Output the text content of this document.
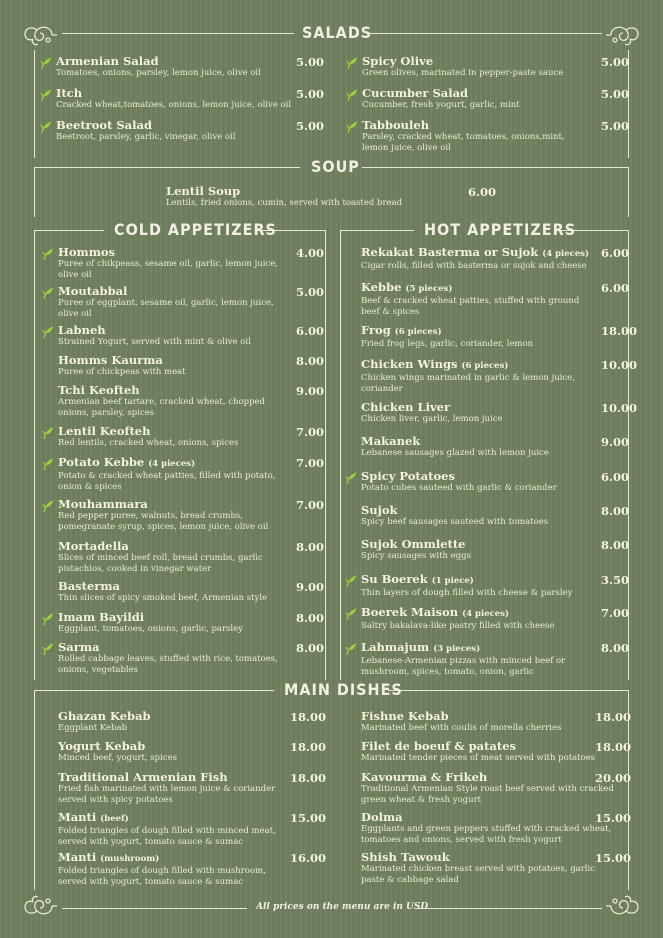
SALADS
SOUP
COLD APPETIZERS	HOT APPETIZERS
MAIN DISHES
All prices on the menu are in USD
Armenian Salad
Tomatoes, onions, parsley, lemon juice, olive oil
5.00
Itch
Cracked wheat,tomatoes, onions, lemon juice, olive oil
5.00
Beetroot Salad
Beetroot, parsley, garlic, vinegar, olive oil
5.00
Spicy Olive
Green olives, marinated in pepper-paste sauce
5.00
Cucumber Salad
Cucumber, fresh yogurt, garlic, mint
5.00
Tabbouleh
Parsley, cracked wheat, tomatoes, onions,mint, lemon juice, olive oil
5.00
Lentil Soup
Lentils, fried onions, cumin, served with toasted bread
6.00
Hommos
Puree of chikpeass, sesame oil, garlic, lemon juice, olive oil
4.00
Moutabbal
Puree of eggplant, sesame oil, garlic, lemon juice, olive oil
5.00
Labneh
Strained Yogurt, served with mint & olive oil
6.00
Homms Kaurma
Puree of chickpeas with meat
8.00
Tchi Keofteh
Armenian beef tartare, cracked wheat, chopped onions, parsley, spices
9.00
Lentil Keofteh
Red lentils, cracked wheat, onions, spices
7.00
Potato Kebbe (4 pieces)
Potato & cracked wheat patties, filled with potato, onion & spices
7.00
Mouhammara
Red pepper puree, walnuts, bread crumbs, pomegranate syrup, spices, lemon juice, olive oil
7.00
Mortadella
Slices of minced beef roll, bread crumbs, garlic pistachios, cooked in vinegar water
8.00
Basterma
Thin slices of spicy smoked beef, Armenian style
9.00
Imam Bayildi
Eggplant, tomatoes, onions, garlic, parsley
8.00
Sarma
Rolled cabbage leaves, stuffed with rice, tomatoes, onions, vegetables
8.00
Rekakat Basterma or Sujok (4 pieces)
Cigar rolls, filled with basterma or sujok and cheese
6.00
Kebbe (5 pieces)
Beef & cracked wheat patties, stuffed with ground beef & spices
6.00
Frog (6 pieces)
Fried frog legs, garlic, coriander, lemon
18.00
Chicken Wings (6 pieces)
Chicken wings marinated in garlic & lemon juice, coriander
10.00
Chicken Liver
Chicken liver, garlic, lemon juice
10.00
Makanek
Lebanese sausages glazed with lemon juice
9.00
Spicy Potatoes
Potato cubes sauteed with garlic & coriander
6.00
Sujok
Spicy beef sausages sauteed with tomatoes
8.00
Sujok Ommlette
Spicy sausages with eggs
8.00
Su Boerek (1 piece)
Thin layers of dough filled with cheese & parsley
3.50
Boerek Maison (4 pieces)
Saltry bakalava-like pastry filled with cheese
7.00
Lahmajum (3 pieces)
Lebanese-Armenian pizzas with minced beef or mushroom, spices, tomato, onion, garlic
8.00
Ghazan Kebab
Eggplant Kebab
18.00
Yogurt Kebab
Minced beef, yogurt, spices
18.00
Traditional Armenian Fish
Fried fish marinated with lemon juice & coriander served with spicy potatoes
18.00
Manti (beef)
Folded triangles of dough filled with minced meat, served with yogurt, tomato sauce & sumac
15.00
Manti (mushroom)
Folded triangles of dough filled with mushroom, served with yogurt, tomato sauce & sumac
16.00
Fishne Kebab
Marinated beef with coulis of morella cherries
18.00
Filet de boeuf & patates
Marinated tender pieces of meat served with potatoes
18.00
Kavourma & Frikeh
Traditional Armenian Style roast beef served with cracked green wheat & fresh yogurt
20.00
Dolma
Eggplants and green peppers stuffed with cracked wheat, tomatoes and onions, served with fresh yogurt
15.00
Shish Tawouk
Marinated chicken breast served with potatoes, garlic paste & cabbage salad
15.00
